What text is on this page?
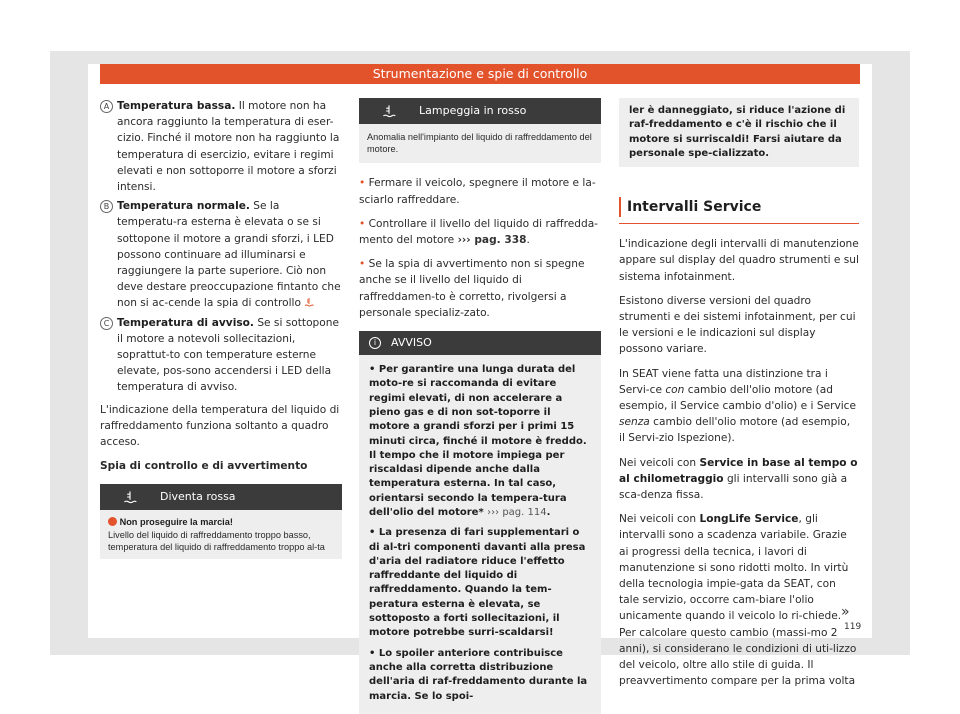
Strumentazione e spie di controllo
A Temperatura bassa. Il motore non ha ancora raggiunto la temperatura di eser-cizio. Finché il motore non ha raggiunto la temperatura di esercizio, evitare i regimi elevati e non sottoporre il motore a sforzi intensi.
B Temperatura normale. Se la temperatu-ra esterna è elevata o se si sottopone il motore a grandi sforzi, i LED possono continuare ad illuminarsi e raggiungere la parte superiore. Ciò non deve destare preoccupazione fintanto che non si ac-cende la spia di controllo
C Temperatura di avviso. Se si sottopone il motore a notevoli sollecitazioni, soprattut-to con temperature esterne elevate, pos-sono accendersi i LED della temperatura di avviso.

L'indicazione della temperatura del liquido di raffreddamento funziona soltanto a quadro acceso.

Spia di controllo e di avvertimento

Diventa rossa
Non proseguire la marcia!
Livello del liquido di raffreddamento troppo basso, temperatura del liquido di raffreddamento troppo al-ta
Lampeggia in rosso
Anomalia nell'impianto del liquido di raffreddamento del motore.

• Fermare il veicolo, spegnere il motore e la-sciarlo raffreddare.

• Controllare il livello del liquido di raffredda-mento del motore ››› pag. 338.

• Se la spia di avvertimento non si spegne anche se il livello del liquido di raffreddamen-to è corretto, rivolgersi a personale specializ-zato.

i	AVVISO

• Per garantire una lunga durata del moto-re si raccomanda di evitare regimi elevati, di non accelerare a pieno gas e di non sot-toporre il motore a grandi sforzi per i primi 15 minuti circa, finché il motore è freddo. Il tempo che il motore impiega per riscaldasi dipende anche dalla temperatura esterna. In tal caso, orientarsi secondo la tempera-tura dell'olio del motore* ››› pag. 114.

• La presenza di fari supplementari o di al-tri componenti davanti alla presa d'aria del radiatore riduce l'effetto raffreddante del liquido di raffreddamento. Quando la tem-peratura esterna è elevata, se sottoposto a forti sollecitazioni, il motore potrebbe surri-scaldarsi!

• Lo spoiler anteriore contribuisce anche alla corretta distribuzione dell'aria di raf-freddamento durante la marcia. Se lo spoi-

ler è danneggiato, si riduce l'azione di raf-freddamento e c'è il rischio che il motore si surriscaldi! Farsi aiutare da personale spe-cializzato.
Intervalli Service

L'indicazione degli intervalli di manutenzione appare sul display del quadro strumenti e sul sistema infotainment.

Esistono diverse versioni del quadro strumenti e dei sistemi infotainment, per cui le versioni e le indicazioni sul display possono variare.

In SEAT viene fatta una distinzione tra i Servi-ce con cambio dell'olio motore (ad esempio, il Service cambio d'olio) e i Service senza cambio dell'olio motore (ad esempio, il Servi-zio Ispezione).

Nei veicoli con Service in base al tempo o al chilometraggio gli intervalli sono già a sca-denza fissa.

Nei veicoli con LongLife Service, gli intervalli sono a scadenza variabile. Grazie ai progressi della tecnica, i lavori di manutenzione si sono ridotti molto. In virtù della tecnologia impie-gata da SEAT, con tale servizio, occorre cam-biare l'olio unicamente quando il veicolo lo ri-chiede. Per calcolare questo cambio (massi-mo 2 anni), si considerano le condizioni di uti-lizzo del veicolo, oltre allo stile di guida. Il preavvertimento compare per la prima volta

»
119
